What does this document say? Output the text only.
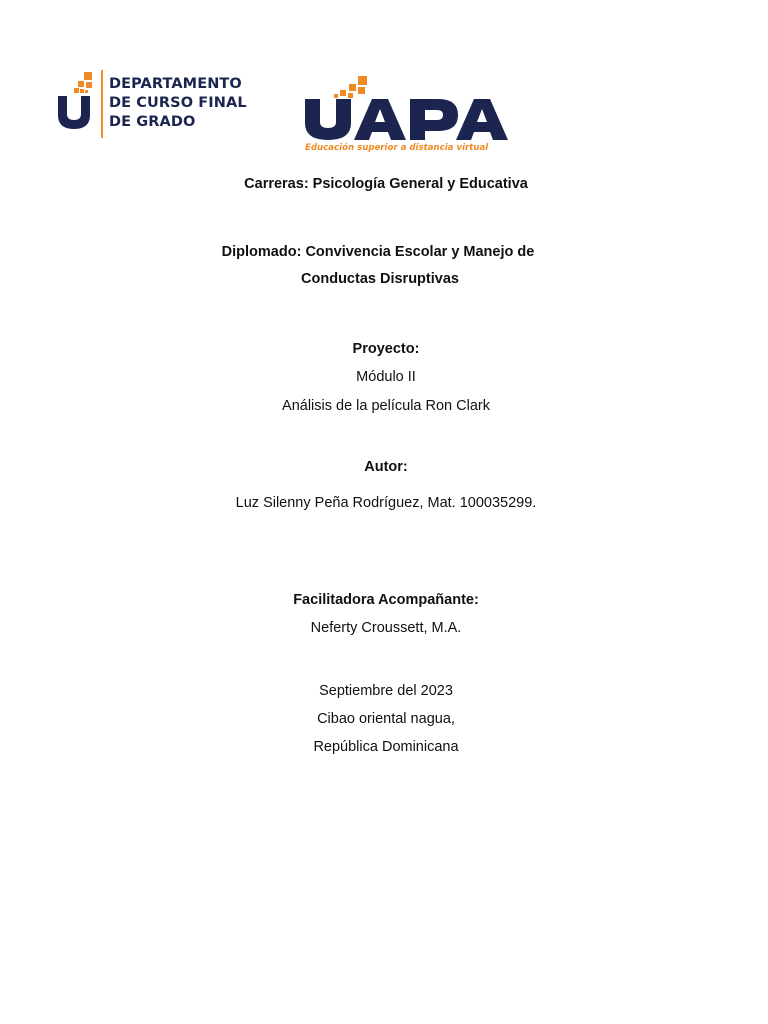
DEPARTAMENTO
DE CURSO FINAL
DE GRADO
Educación superior a distancia virtual
Carreras: Psicología General y Educativa
Diplomado: Convivencia Escolar y Manejo de
Conductas Disruptivas
Proyecto:
Módulo II
Análisis de la película Ron Clark
Autor:
Luz Silenny Peña Rodríguez, Mat. 100035299.
Facilitadora Acompañante:
Neferty Croussett, M.A.
Septiembre del 2023
Cibao oriental nagua,
República Dominicana
